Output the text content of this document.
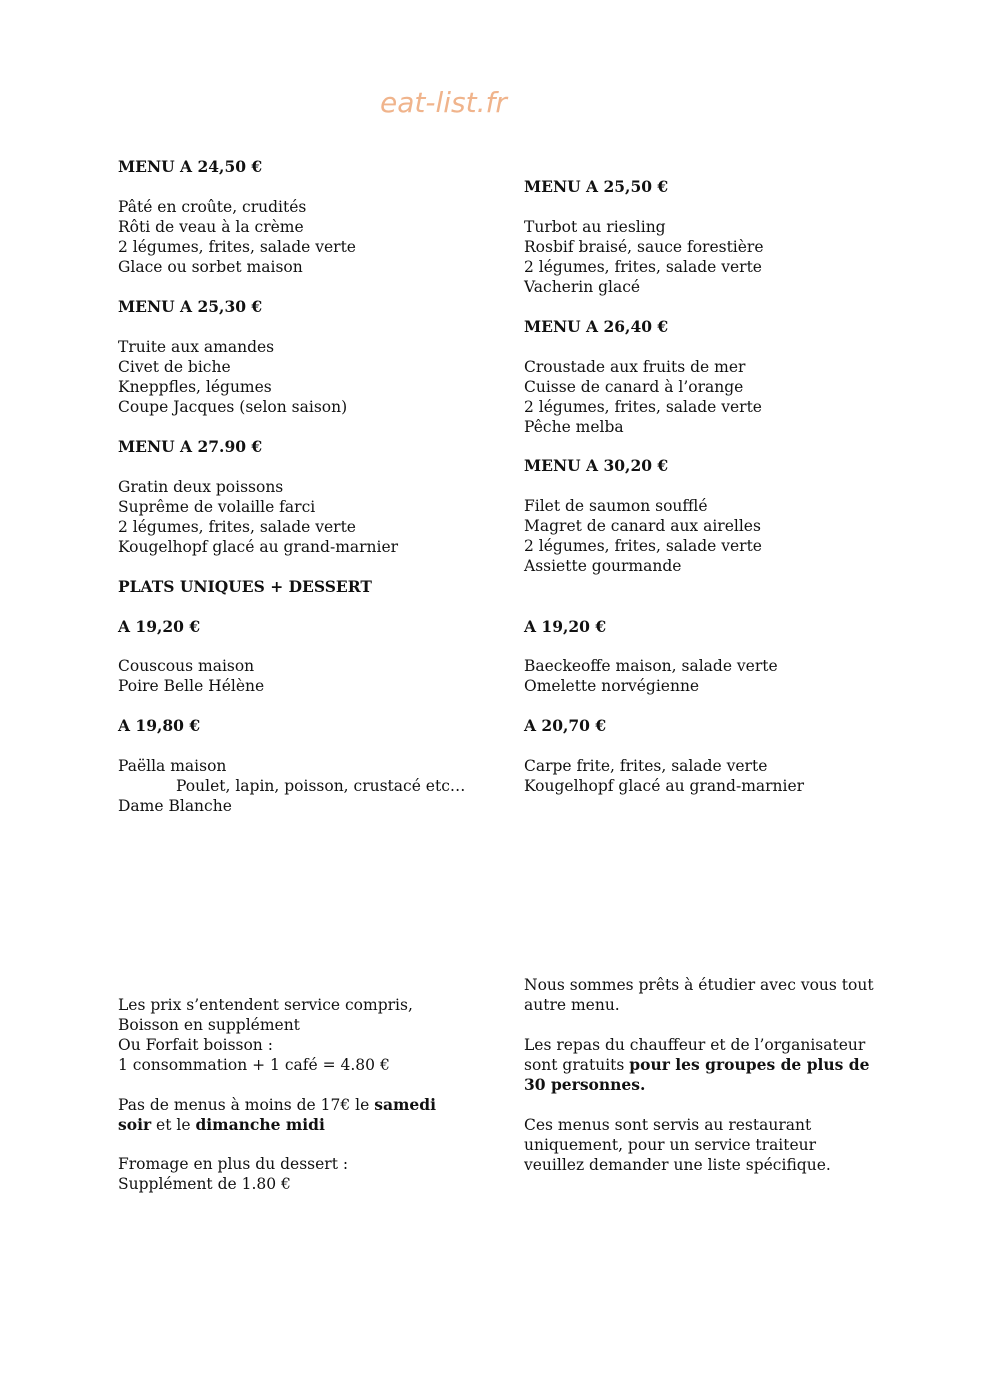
eat-list.fr
MENU A 24,50 €
Pâté en croûte, crudités
Rôti de veau à la crème
2 légumes, frites, salade verte
Glace ou sorbet maison
MENU A 25,30 €
Truite aux amandes
Civet de biche
Kneppfles, légumes
Coupe Jacques (selon saison)
MENU A 27.90 €
Gratin deux poissons
Suprême de volaille farci
2 légumes, frites, salade verte
Kougelhopf glacé au grand-marnier
PLATS UNIQUES + DESSERT
A 19,20 €
Couscous maison
Poire Belle Hélène
A 19,80 €
Paëlla maison
Poulet, lapin, poisson, crustacé etc…
Dame Blanche
Les prix s’entendent service compris,
Boisson en supplément
Ou Forfait boisson :
1 consommation + 1 café = 4.80 €
Pas de menus à moins de 17€ le samedi
soir et le dimanche midi
Fromage en plus du dessert :
Supplément de 1.80 €
MENU A 25,50 €
Turbot au riesling
Rosbif braisé, sauce forestière
2 légumes, frites, salade verte
Vacherin glacé
MENU A 26,40 €
Croustade aux fruits de mer
Cuisse de canard à l’orange
2 légumes, frites, salade verte
Pêche melba
MENU A 30,20 €
Filet de saumon soufflé
Magret de canard aux airelles
2 légumes, frites, salade verte
Assiette gourmande
A 19,20 €
Baeckeoffe maison, salade verte
Omelette norvégienne
A 20,70 €
Carpe frite, frites, salade verte
Kougelhopf glacé au grand-marnier
Nous sommes prêts à étudier avec vous tout
autre menu.
Les repas du chauffeur et de l’organisateur
sont gratuits pour les groupes de plus de
30 personnes.
Ces menus sont servis au restaurant
uniquement, pour un service traiteur
veuillez demander une liste spécifique.
